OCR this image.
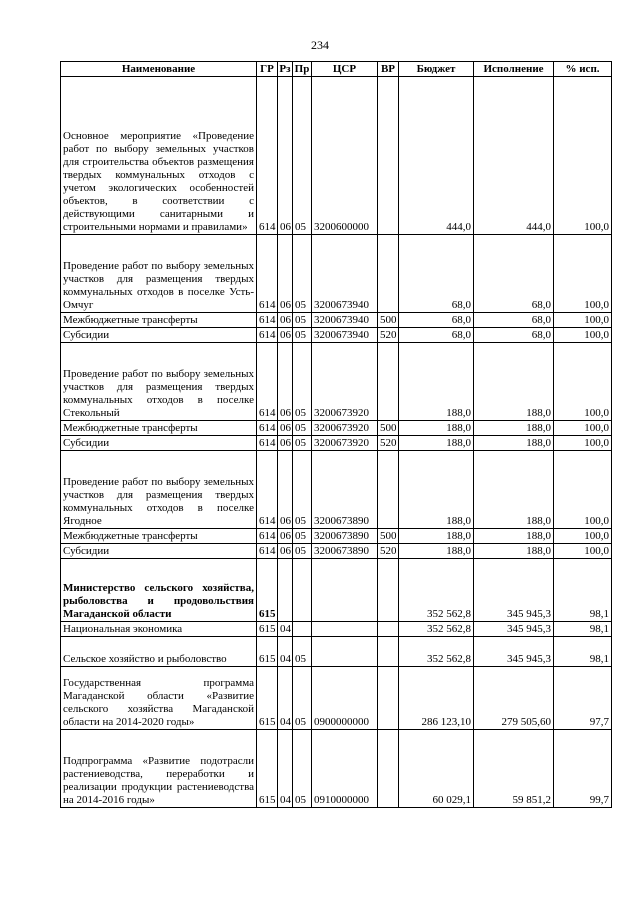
234
Наименование	ГР	Рз	Пр	ЦСР	ВР	Бюджет	Исполнение	% исп.
Основное мероприятие «Проведение работ по выбору земельных участков для строительства объектов размещения твердых коммунальных отходов с учетом экологических особенностей объектов, в соответствии с действующими санитарными и строительными нормами и правилами»	614	06	05	3200600000		444,0	444,0	100,0
Проведение работ по выбору земельных участков для размещения твердых коммунальных отходов в поселке Усть-Омчуг	614	06	05	3200673940		68,0	68,0	100,0
Межбюджетные трансферты	614	06	05	3200673940	500	68,0	68,0	100,0
Субсидии	614	06	05	3200673940	520	68,0	68,0	100,0
Проведение работ по выбору земельных участков для размещения твердых коммунальных отходов в поселке Стекольный	614	06	05	3200673920		188,0	188,0	100,0
Межбюджетные трансферты	614	06	05	3200673920	500	188,0	188,0	100,0
Субсидии	614	06	05	3200673920	520	188,0	188,0	100,0
Проведение работ по выбору земельных участков для размещения твердых коммунальных отходов в поселке Ягодное	614	06	05	3200673890		188,0	188,0	100,0
Межбюджетные трансферты	614	06	05	3200673890	500	188,0	188,0	100,0
Субсидии	614	06	05	3200673890	520	188,0	188,0	100,0
Министерство сельского хозяйства, рыболовства и продовольствия Магаданской области	615					352 562,8	345 945,3	98,1
Национальная экономика	615	04				352 562,8	345 945,3	98,1
Сельское хозяйство и рыболовство	615	04	05			352 562,8	345 945,3	98,1
Государственная программа Магаданской области «Развитие сельского хозяйства Магаданской области на 2014-2020 годы»	615	04	05	0900000000		286 123,10	279 505,60	97,7
Подпрограмма «Развитие подотрасли растениеводства, переработки и реализации продукции растениеводства на 2014-2016 годы»	615	04	05	0910000000		60 029,1	59 851,2	99,7
